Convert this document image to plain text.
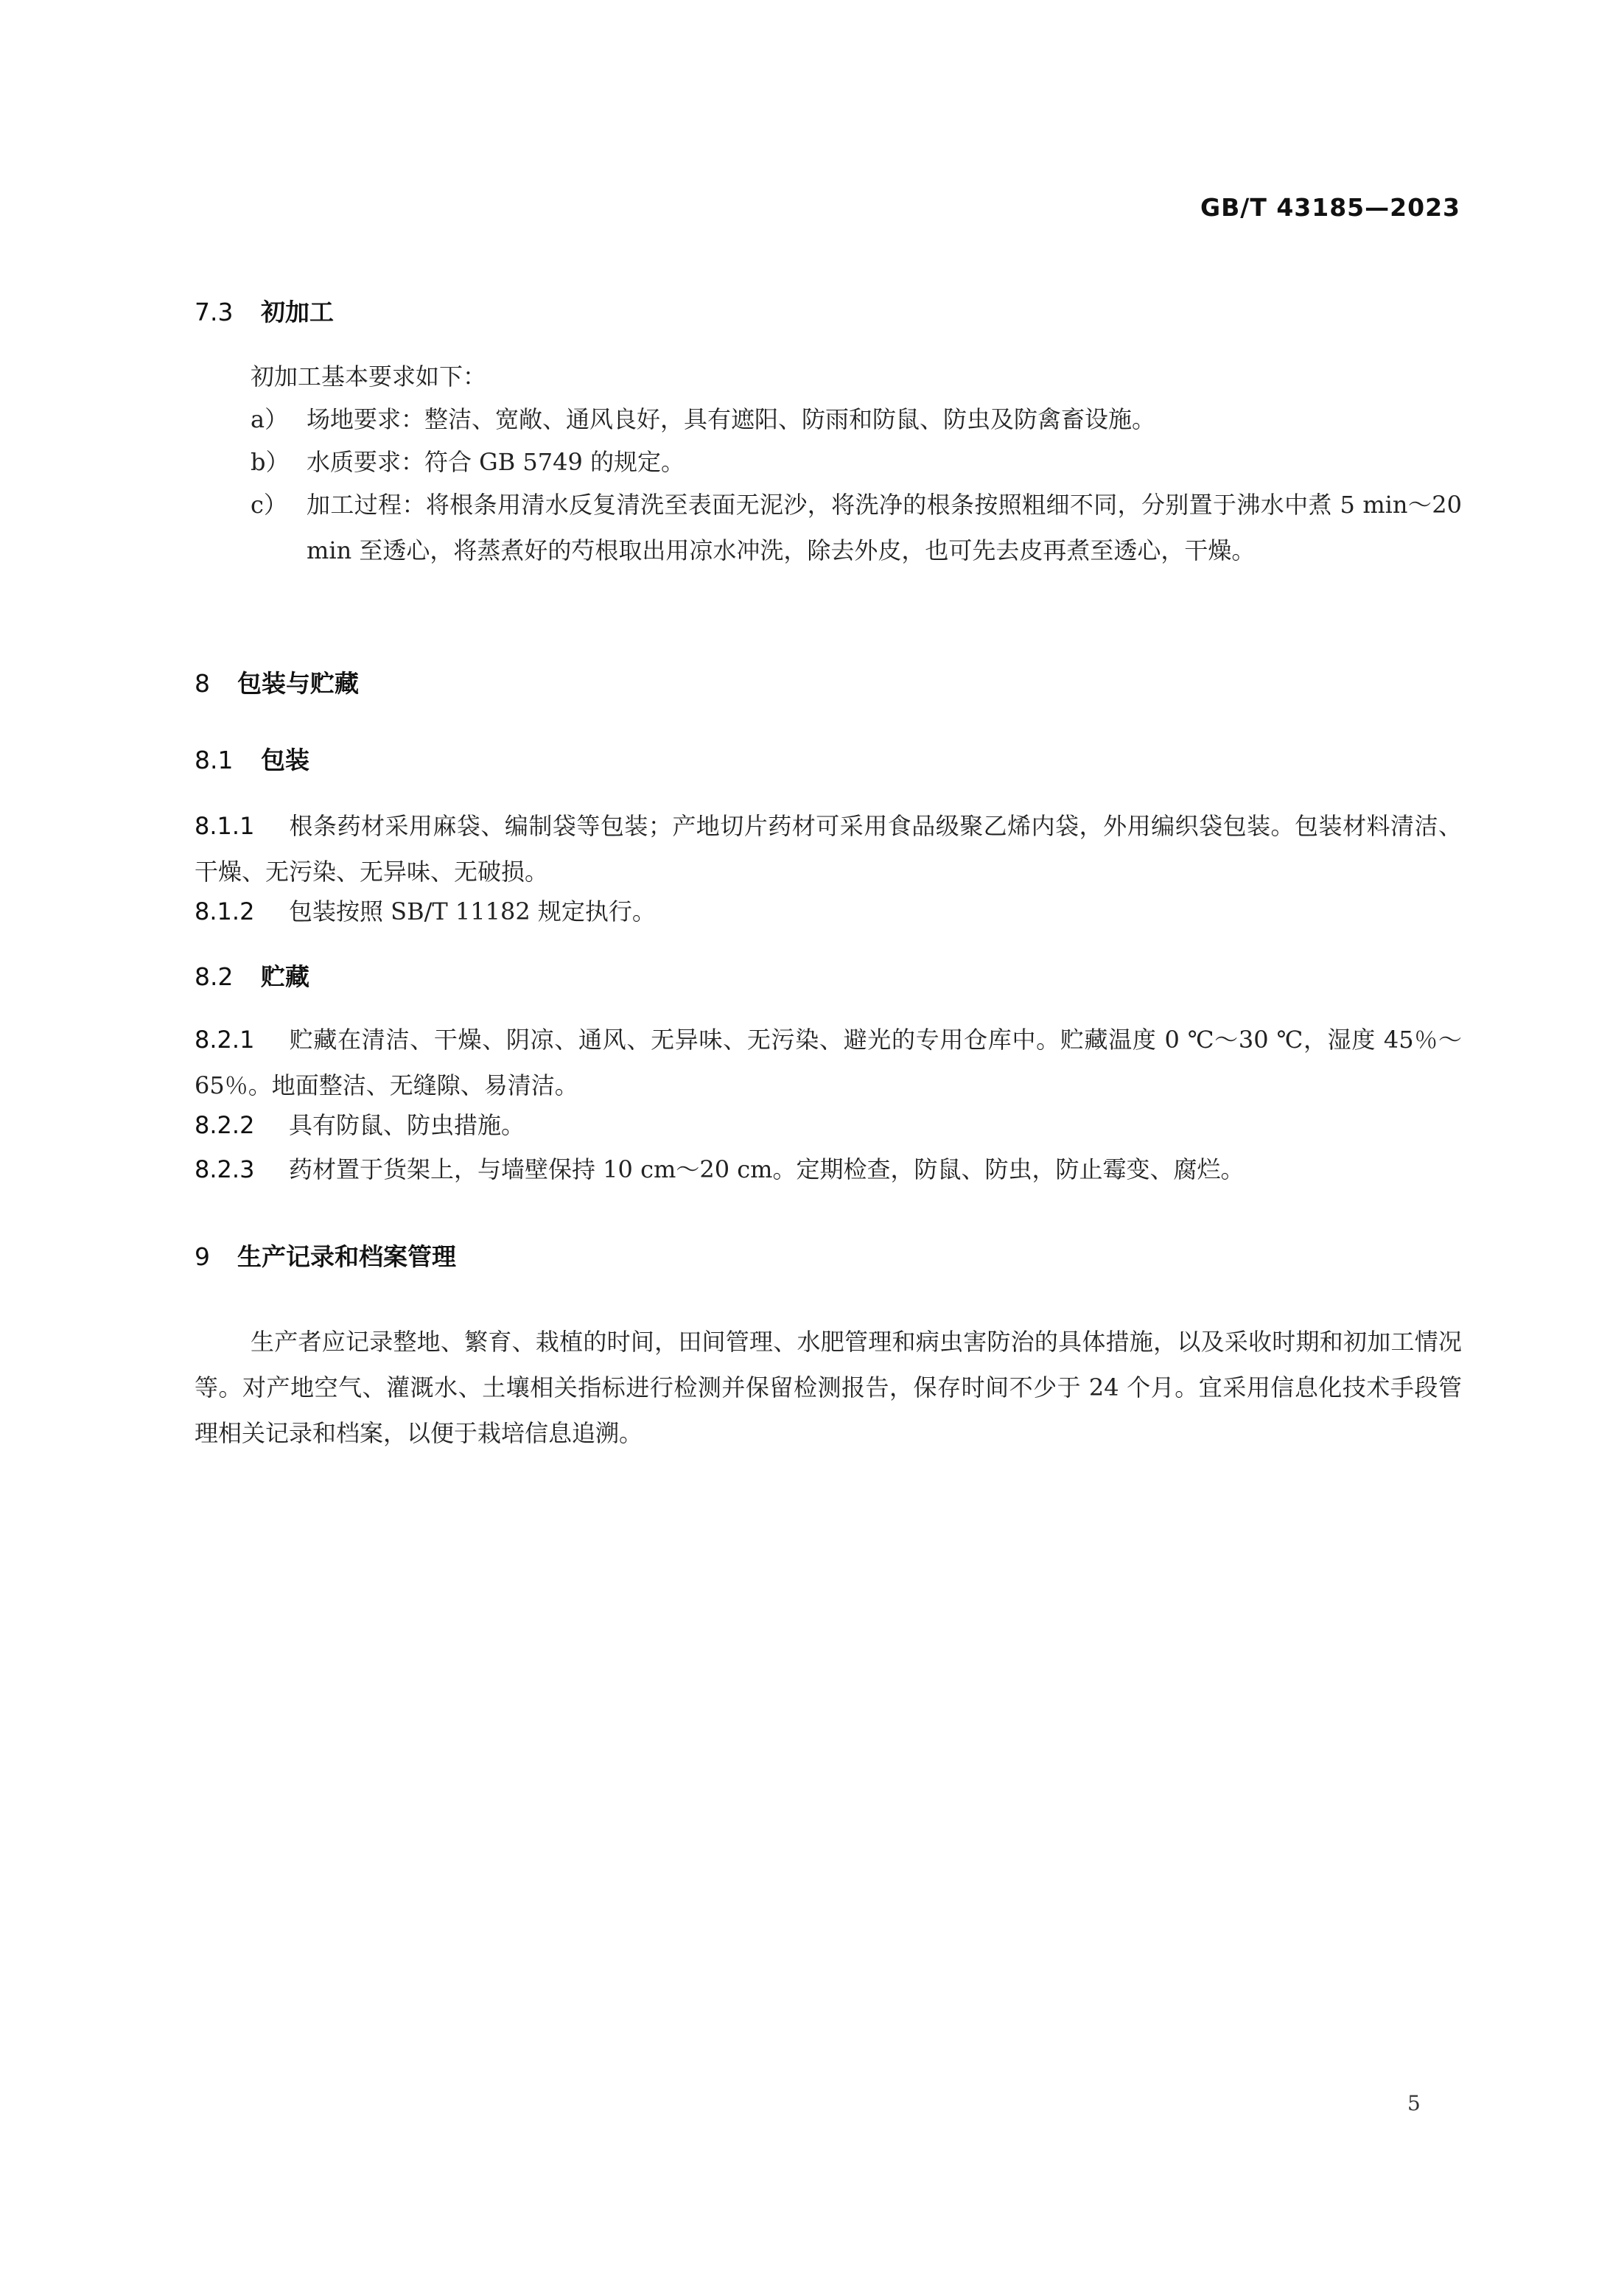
GB/T 43185—2023
7.3 初加工
初加工基本要求如下：
a） 场地要求：整洁、宽敞、通风良好，具有遮阳、防雨和防鼠、防虫及防禽畜设施。
b） 水质要求：符合 GB 5749 的规定。
c） 加工过程：将根条用清水反复清洗至表面无泥沙，将洗净的根条按照粗细不同，分别置于沸水中煮 5 min～20 min 至透心，将蒸煮好的芍根取出用凉水冲洗，除去外皮，也可先去皮再煮至透心，干燥。
8 包装与贮藏
8.1 包装
8.1.1 根条药材采用麻袋、编制袋等包装；产地切片药材可采用食品级聚乙烯内袋，外用编织袋包装。包装材料清洁、干燥、无污染、无异味、无破损。
8.1.2 包装按照 SB/T 11182 规定执行。
8.2 贮藏
8.2.1 贮藏在清洁、干燥、阴凉、通风、无异味、无污染、避光的专用仓库中。贮藏温度 0 ℃～30 ℃，湿度 45％～65％。地面整洁、无缝隙、易清洁。
8.2.2 具有防鼠、防虫措施。
8.2.3 药材置于货架上，与墙壁保持 10 cm～20 cm。定期检查，防鼠、防虫，防止霉变、腐烂。
9 生产记录和档案管理
生产者应记录整地、繁育、栽植的时间，田间管理、水肥管理和病虫害防治的具体措施，以及采收时期和初加工情况等。对产地空气、灌溉水、土壤相关指标进行检测并保留检测报告，保存时间不少于 24 个月。宜采用信息化技术手段管理相关记录和档案，以便于栽培信息追溯。
5
